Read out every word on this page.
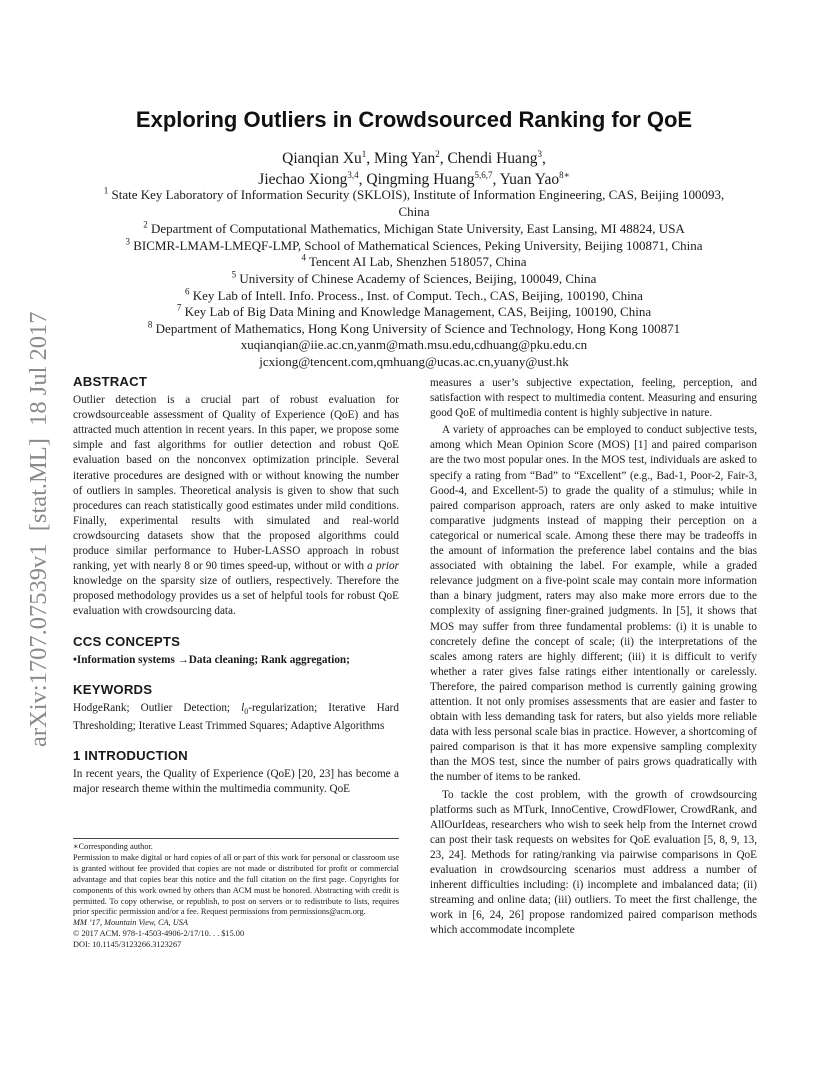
arXiv:1707.07539v1  [stat.ML]  18 Jul 2017
Exploring Outliers in Crowdsourced Ranking for QoE
Qianqian Xu$^1$, Ming Yan$^2$, Chendi Huang$^3$,
Jiechao Xiong$^{3,4}$, Qingming Huang$^{5,6,7}$, Yuan Yao$^{8∗}$
$^1$ State Key Laboratory of Information Security (SKLOIS), Institute of Information Engineering, CAS, Beijing 100093, China
$^2$ Department of Computational Mathematics, Michigan State University, East Lansing, MI 48824, USA
$^3$ BICMR-LMAM-LMEQF-LMP, School of Mathematical Sciences, Peking University, Beijing 100871, China
$^4$ Tencent AI Lab, Shenzhen 518057, China
$^5$ University of Chinese Academy of Sciences, Beijing, 100049, China
$^6$ Key Lab of Intell. Info. Process., Inst. of Comput. Tech., CAS, Beijing, 100190, China
$^7$ Key Lab of Big Data Mining and Knowledge Management, CAS, Beijing, 100190, China
$^8$ Department of Mathematics, Hong Kong University of Science and Technology, Hong Kong 100871
xuqianqian@iie.ac.cn,yanm@math.msu.edu,cdhuang@pku.edu.cn
jcxiong@tencent.com,qmhuang@ucas.ac.cn,yuany@ust.hk
ABSTRACT

Outlier detection is a crucial part of robust evaluation for crowdsourceable assessment of Quality of Experience (QoE) and has attracted much attention in recent years. In this paper, we propose some simple and fast algorithms for outlier detection and robust QoE evaluation based on the nonconvex optimization principle. Several iterative procedures are designed with or without knowing the number of outliers in samples. Theoretical analysis is given to show that such procedures can reach statistically good estimates under mild conditions. Finally, experimental results with simulated and real-world crowdsourcing datasets show that the proposed algorithms could produce similar performance to Huber-LASSO approach in robust ranking, yet with nearly 8 or 90 times speed-up, without or with a prior knowledge on the sparsity size of outliers, respectively. Therefore the proposed methodology provides us a set of helpful tools for robust QoE evaluation with crowdsourcing data.

CCS CONCEPTS

•Information systems →Data cleaning; Rank aggregation;

KEYWORDS

HodgeRank; Outlier Detection; $l_0$-regularization; Iterative Hard Thresholding; Iterative Least Trimmed Squares; Adaptive Algorithms

1 INTRODUCTION

In recent years, the Quality of Experience (QoE) [20, 23] has become a major research theme within the multimedia community. QoE

∗Corresponding author.
Permission to make digital or hard copies of all or part of this work for personal or classroom use is granted without fee provided that copies are not made or distributed for profit or commercial advantage and that copies bear this notice and the full citation on the first page. Copyrights for components of this work owned by others than ACM must be honored. Abstracting with credit is permitted. To copy otherwise, or republish, to post on servers or to redistribute to lists, requires prior specific permission and/or a fee. Request permissions from permissions@acm.org.
MM ’17, Mountain View, CA, USA
© 2017 ACM. 978-1-4503-4906-2/17/10. . . $15.00
DOI: 10.1145/3123266.3123267

measures a user’s subjective expectation, feeling, perception, and satisfaction with respect to multimedia content. Measuring and ensuring good QoE of multimedia content is highly subjective in nature.

A variety of approaches can be employed to conduct subjective tests, among which Mean Opinion Score (MOS) [1] and paired comparison are the two most popular ones. In the MOS test, individuals are asked to specify a rating from “Bad” to “Excellent” (e.g., Bad-1, Poor-2, Fair-3, Good-4, and Excellent-5) to grade the quality of a stimulus; while in paired comparison approach, raters are only asked to make intuitive comparative judgments instead of mapping their perception on a categorical or numerical scale. Among these there may be tradeoffs in the amount of information the preference label contains and the bias associated with obtaining the label. For example, while a graded relevance judgment on a five-point scale may contain more information than a binary judgment, raters may also make more errors due to the complexity of assigning finer-grained judgments. In [5], it shows that MOS may suffer from three fundamental problems: (i) it is unable to concretely define the concept of scale; (ii) the interpretations of the scales among raters are highly different; (iii) it is difficult to verify whether a rater gives false ratings either intentionally or carelessly. Therefore, the paired comparison method is currently gaining growing attention. It not only promises assessments that are easier and faster to obtain with less demanding task for raters, but also yields more reliable data with less personal scale bias in practice. However, a shortcoming of paired comparison is that it has more expensive sampling complexity than the MOS test, since the number of pairs grows quadratically with the number of items to be ranked.

To tackle the cost problem, with the growth of crowdsourcing platforms such as MTurk, InnoCentive, CrowdFlower, CrowdRank, and AllOurIdeas, researchers who wish to seek help from the Internet crowd can post their task requests on websites for QoE evaluation [5, 8, 9, 13, 23, 24]. Methods for rating/ranking via pairwise comparisons in QoE evaluation in crowdsourcing scenarios must address a number of inherent difficulties including: (i) incomplete and imbalanced data; (ii) streaming and online data; (iii) outliers. To meet the first challenge, the work in [6, 24, 26] propose randomized paired comparison methods which accommodate incomplete
